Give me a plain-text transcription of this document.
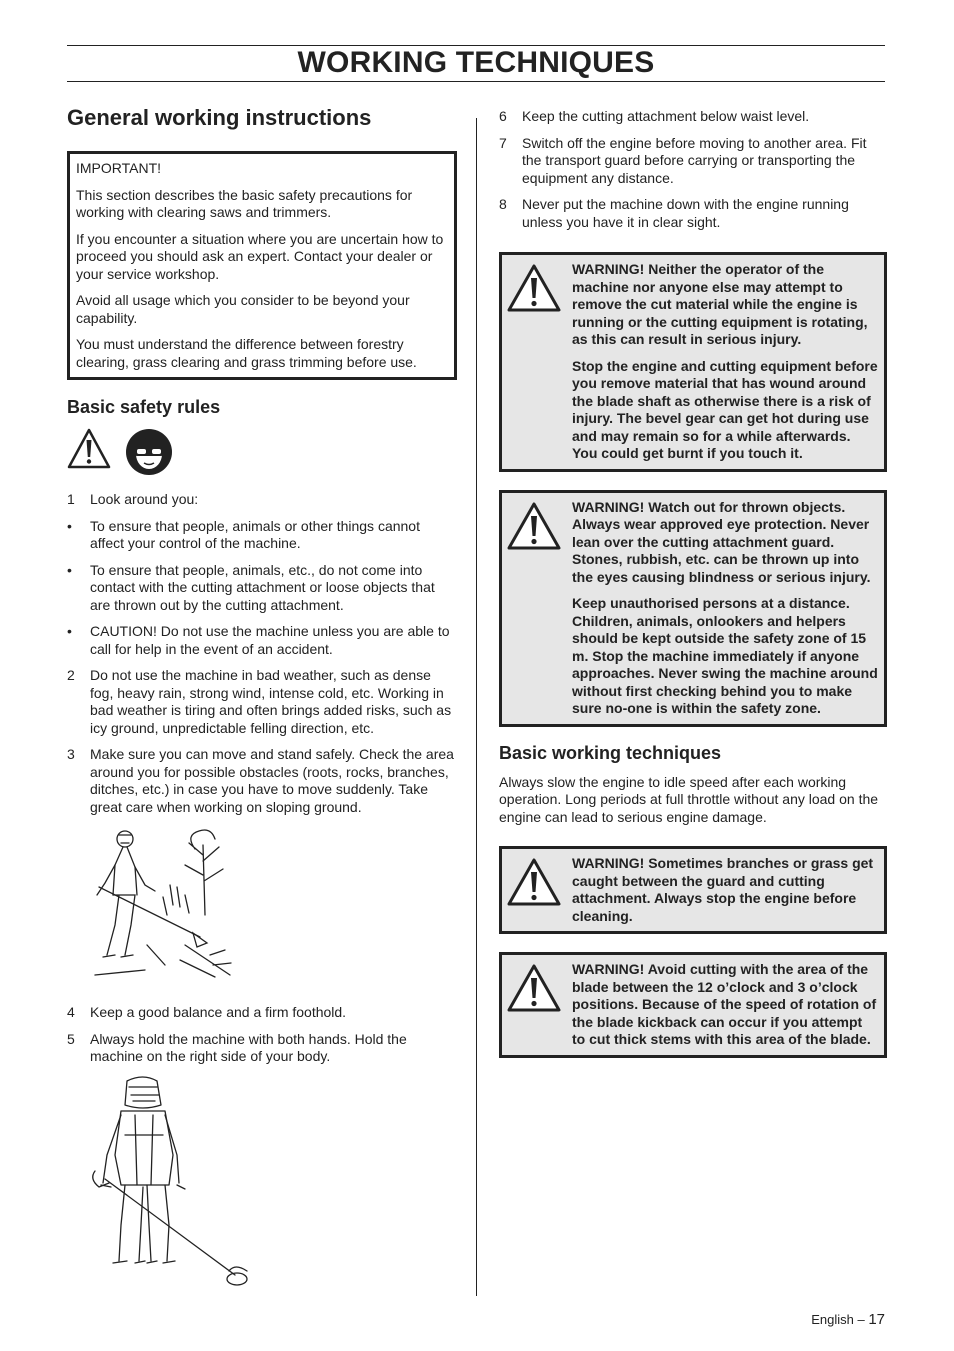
WORKING TECHNIQUES
General working instructions

IMPORTANT!

This section describes the basic safety precautions for working with clearing saws and trimmers.

If you encounter a situation where you are uncertain how to proceed you should ask an expert. Contact your dealer or your service workshop.

Avoid all usage which you consider to be beyond your capability.

You must understand the difference between forestry clearing, grass clearing and grass trimming before use.

Basic safety rules
1 Look around you:
• To ensure that people, animals or other things cannot affect your control of the machine.
• To ensure that people, animals, etc., do not come into contact with the cutting attachment or loose objects that are thrown out by the cutting attachment.
• CAUTION! Do not use the machine unless you are able to call for help in the event of an accident.
2 Do not use the machine in bad weather, such as dense fog, heavy rain, strong wind, intense cold, etc. Working in bad weather is tiring and often brings added risks, such as icy ground, unpredictable felling direction, etc.
3 Make sure you can move and stand safely. Check the area around you for possible obstacles (roots, rocks, branches, ditches, etc.) in case you have to move suddenly. Take great care when working on sloping ground.
4 Keep a good balance and a firm foothold.
5 Always hold the machine with both hands. Hold the machine on the right side of your body.
6 Keep the cutting attachment below waist level.
7 Switch off the engine before moving to another area. Fit the transport guard before carrying or transporting the equipment any distance.
8 Never put the machine down with the engine running unless you have it in clear sight.

WARNING! Neither the operator of the machine nor anyone else may attempt to remove the cut material while the engine is running or the cutting equipment is rotating, as this can result in serious injury.

Stop the engine and cutting equipment before you remove material that has wound around the blade shaft as otherwise there is a risk of injury. The bevel gear can get hot during use and may remain so for a while afterwards. You could get burnt if you touch it.

WARNING! Watch out for thrown objects. Always wear approved eye protection. Never lean over the cutting attachment guard. Stones, rubbish, etc. can be thrown up into the eyes causing blindness or serious injury.

Keep unauthorised persons at a distance. Children, animals, onlookers and helpers should be kept outside the safety zone of 15 m. Stop the machine immediately if anyone approaches. Never swing the machine around without first checking behind you to make sure no-one is within the safety zone.

Basic working techniques

Always slow the engine to idle speed after each working operation. Long periods at full throttle without any load on the engine can lead to serious engine damage.

WARNING! Sometimes branches or grass get caught between the guard and cutting attachment. Always stop the engine before cleaning.

WARNING! Avoid cutting with the area of the blade between the 12 o’clock and 3 o’clock positions. Because of the speed of rotation of the blade kickback can occur if you attempt to cut thick stems with this area of the blade.

English – 17
